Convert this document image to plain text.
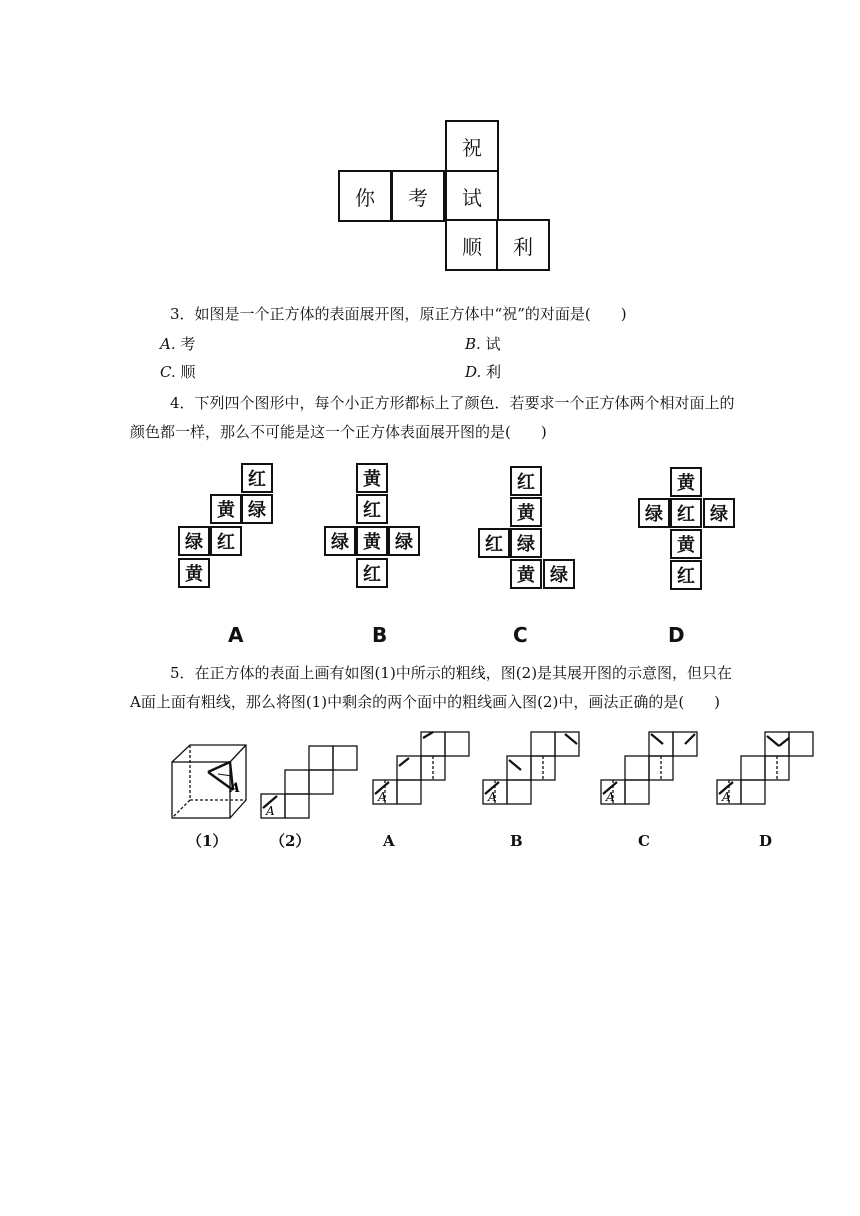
祝
你	考	试
顺	利
3．如图是一个正方体的表面展开图，原正方体中“祝”的对面是(　　)
A. 考	B. 试
C. 顺	D. 利
4．下列四个图形中，每个小正方形都标上了颜色．若要求一个正方体两个相对面上的
颜色都一样，那么不可能是这一个正方体表面展开图的是(　　)
红
黄 绿
绿 红
黄
黄
红
绿 黄 绿
红
红
黄
红 绿
黄 绿
黄
绿 红 绿
黄
红
A	B	C	D
5．在正方体的表面上画有如图(1)中所示的粗线，图(2)是其展开图的示意图，但只在
A面上面有粗线，那么将图(1)中剩余的两个面中的粗线画入图(2)中，画法正确的是(　　)
A
A
A	A	A	A
（1）	（2）	A	B	C	D
